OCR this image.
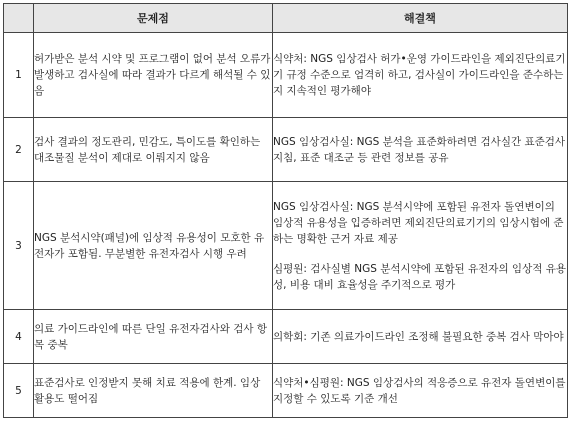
	문제점	해결책
1	허가받은 분석 시약 및 프로그램이 없어 분석 오류가 발생하고 검사실에 따라 결과가 다르게 해석될 수 있음	식약처: NGS 임상검사 허가•운영 가이드라인을 제외진단의료기기 규정 수준으로 엄격히 하고, 검사실이 가이드라인을 준수하는지 지속적인 평가해야

2	검사 결과의 정도관리, 민감도, 특이도를 확인하는 대조물질 분석이 제대로 이뤄지지 않음	NGS 임상검사실: NGS 분석을 표준화하려면 검사실간 표준검사 지침, 표준 대조군 등 관련 정보를 공유

3	NGS 분석시약(패널)에 임상적 유용성이 모호한 유전자가 포함됨. 무분별한 유전자검사 시행 우려	NGS 임상검사실: NGS 분석시약에 포함된 유전자 돌연변이의 임상적 유용성을 입증하려면 제외진단의료기기의 임상시험에 준하는 명확한 근거 자료 제공
심평원: 검사실별 NGS 분석시약에 포함된 유전자의 임상적 유용성, 비용 대비 효율성을 주기적으로 평가

4	의료 가이드라인에 따른 단일 유전자검사와 검사 항목 중복	의학회: 기존 의료가이드라인 조정해 불필요한 중복 검사 막아야

5	표준검사로 인정받지 못해 치료 적용에 한계. 임상 활용도 떨어짐	식약처•심평원: NGS 임상검사의 적응증으로 유전자 돌연변이를 지정할 수 있도록 기준 개선
